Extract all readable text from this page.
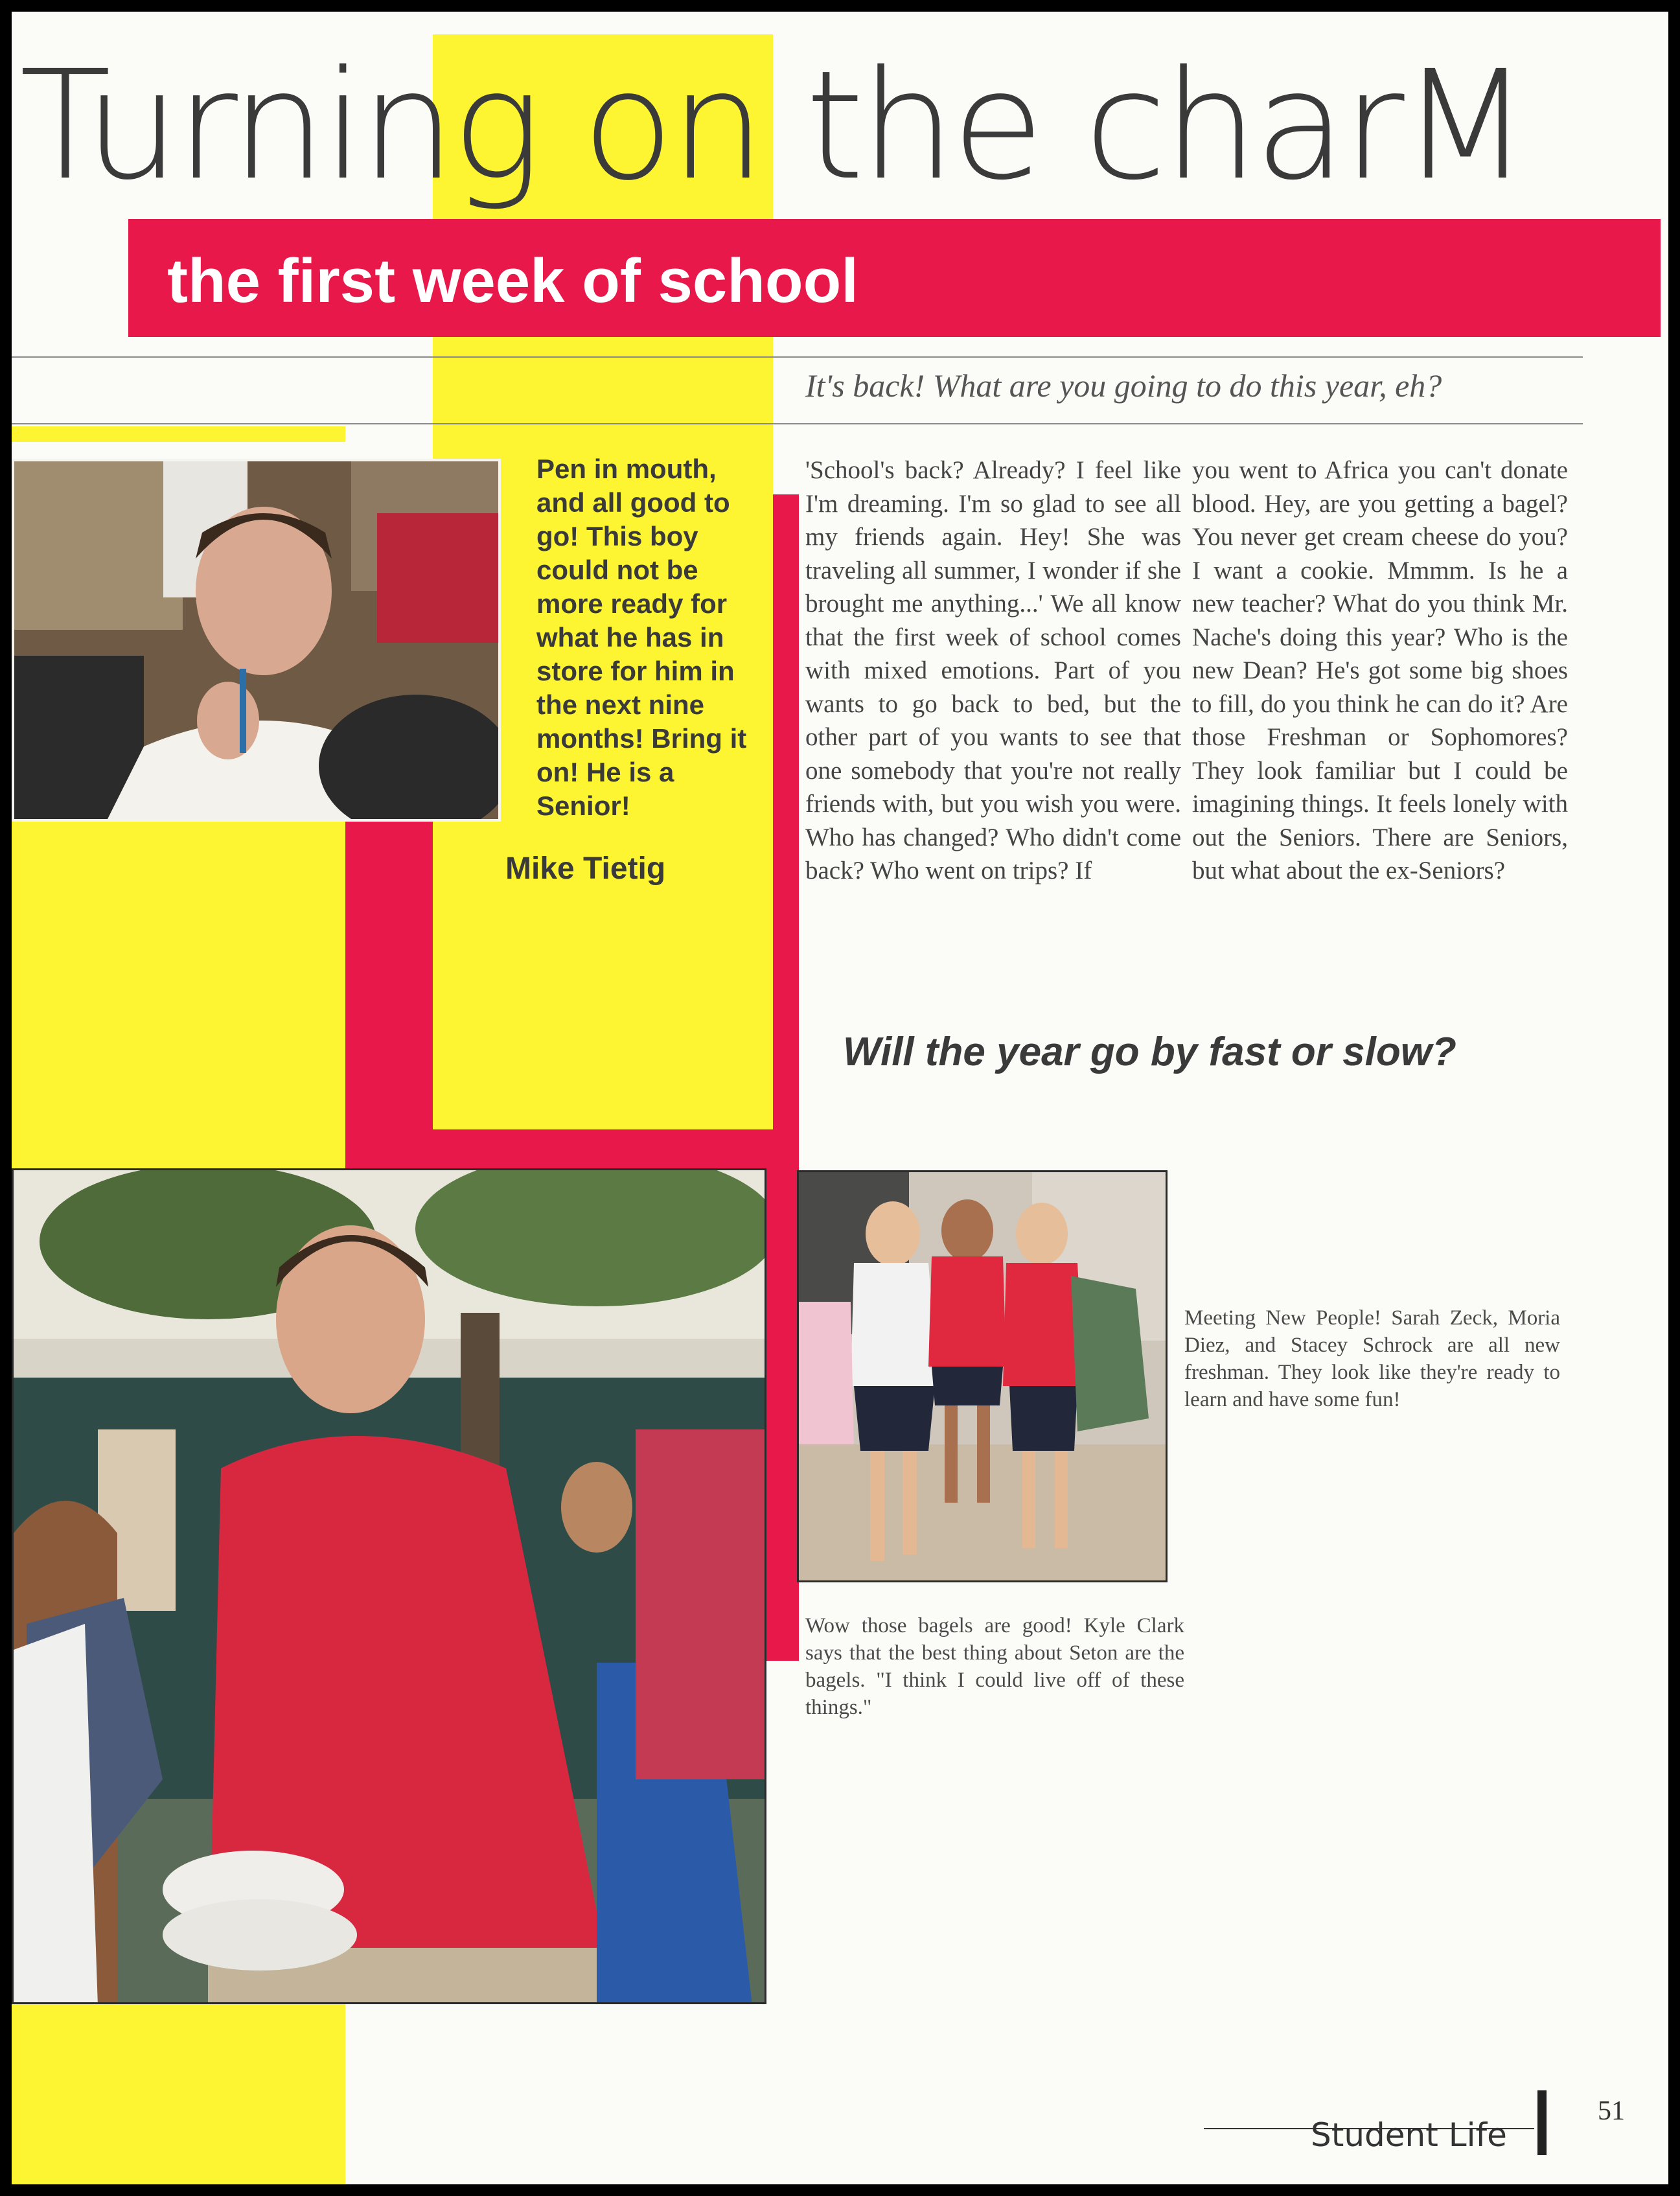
Turning on the charM
the first week of school
It's back! What are you going to do this year, eh?
Pen in mouth, and all good to go! This boy could not be more ready for what he has in store for him in the next nine months! Bring it on! He is a Senior!
Mike Tietig
'School's back? Already? I feel like I'm dreaming. I'm so glad to see all my friends again. Hey! She was traveling all summer, I wonder if she brought me anything...' We all know that the first week of school comes with mixed emotions. Part of you wants to go back to bed, but the other part of you wants to see that one somebody that you're not really friends with, but you wish you were. Who has changed? Who didn't come back? Who went on trips? If
you went to Africa you can't donate blood. Hey, are you getting a bagel? You never get cream cheese do you? I want a cookie. Mmmm. Is he a new teacher? What do you think Mr. Nache's doing this year? Who is the new Dean? He's got some big shoes to fill, do you think he can do it? Are those Freshman or Sophomores? They look familiar but I could be imagining things. It feels lonely with out the Seniors. There are Seniors, but what about the ex-Seniors?
Will the year go by fast or slow?
Meeting New People! Sarah Zeck, Moria Diez, and Stacey Schrock are all new freshman. They look like they're ready to learn and have some fun!
Wow those bagels are good! Kyle Clark says that the best thing about Seton are the bagels. "I think I could live off of these things."
Student Life
51
